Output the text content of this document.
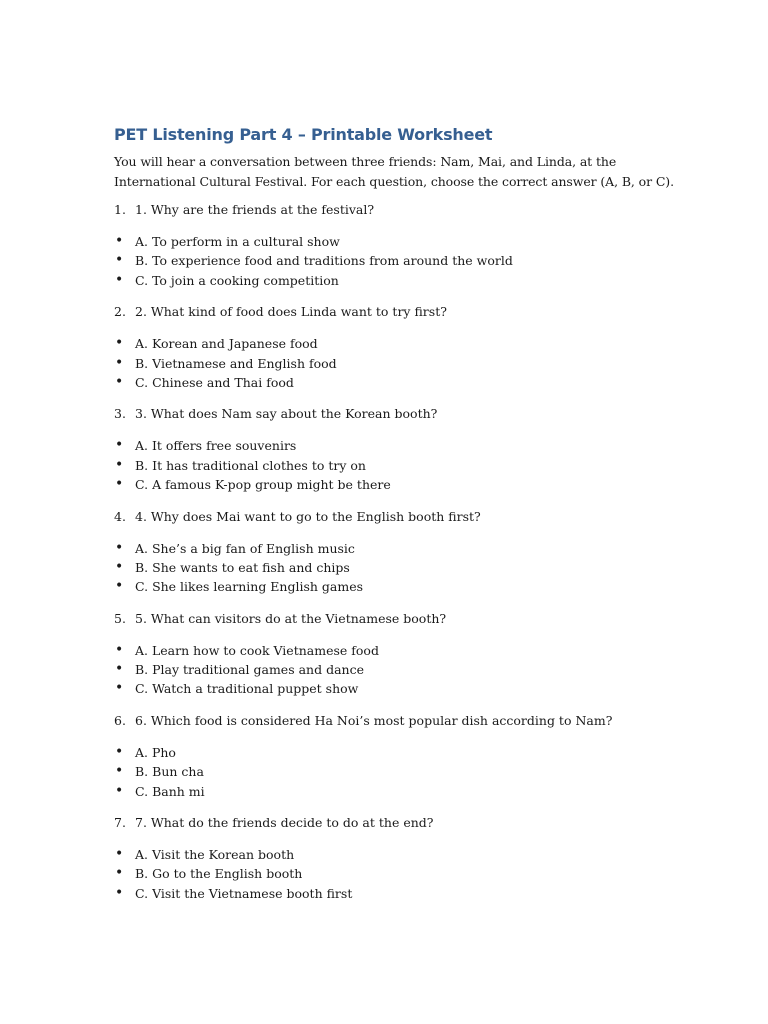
PET Listening Part 4 – Printable Worksheet

You will hear a conversation between three friends: Nam, Mai, and Linda, at the International Cultural Festival. For each question, choose the correct answer (A, B, or C).

1. 1. Why are the friends at the festival?
• A. To perform in a cultural show
• B. To experience food and traditions from around the world
• C. To join a cooking competition
2. 2. What kind of food does Linda want to try first?
• A. Korean and Japanese food
• B. Vietnamese and English food
• C. Chinese and Thai food
3. 3. What does Nam say about the Korean booth?
• A. It offers free souvenirs
• B. It has traditional clothes to try on
• C. A famous K-pop group might be there
4. 4. Why does Mai want to go to the English booth first?
• A. She’s a big fan of English music
• B. She wants to eat fish and chips
• C. She likes learning English games
5. 5. What can visitors do at the Vietnamese booth?
• A. Learn how to cook Vietnamese food
• B. Play traditional games and dance
• C. Watch a traditional puppet show
6. 6. Which food is considered Ha Noi’s most popular dish according to Nam?
• A. Pho
• B. Bun cha
• C. Banh mi
7. 7. What do the friends decide to do at the end?
• A. Visit the Korean booth
• B. Go to the English booth
• C. Visit the Vietnamese booth first
